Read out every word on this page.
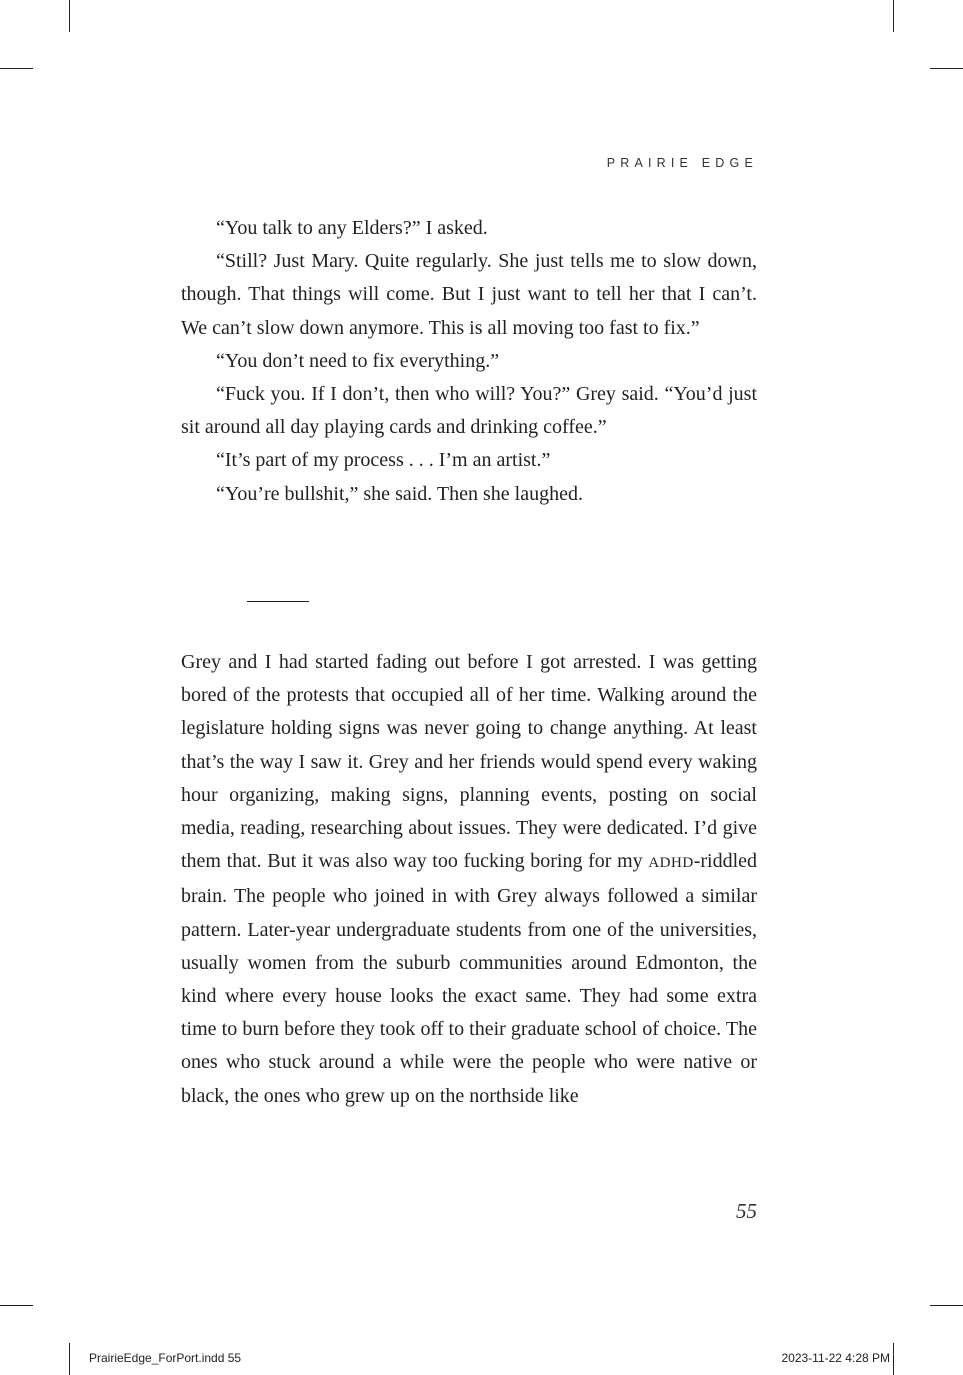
PRAIRIE EDGE

“You talk to any Elders?” I asked.

“Still? Just Mary. Quite regularly. She just tells me to slow down, though. That things will come. But I just want to tell her that I can’t. We can’t slow down anymore. This is all moving too fast to fix.”

“You don’t need to fix everything.”

“Fuck you. If I don’t, then who will? You?” Grey said. “You’d just sit around all day playing cards and drinking coffee.”

“It’s part of my process . . . I’m an artist.”

“You’re bullshit,” she said. Then she laughed.

Grey and I had started fading out before I got arrested. I was getting bored of the protests that occupied all of her time. Walking around the legislature holding signs was never going to change anything. At least that’s the way I saw it. Grey and her friends would spend every waking hour organizing, making signs, planning events, posting on social media, reading, researching about issues. They were dedicated. I’d give them that. But it was also way too fucking boring for my ADHD-riddled brain. The people who joined in with Grey always followed a similar pattern. Later-year undergraduate students from one of the universities, usually women from the suburb communities around Edmonton, the kind where every house looks the exact same. They had some extra time to burn before they took off to their graduate school of choice. The ones who stuck around a while were the people who were native or black, the ones who grew up on the northside like

55
PrairieEdge_ForPort.indd 55	2023-11-22 4:28 PM
